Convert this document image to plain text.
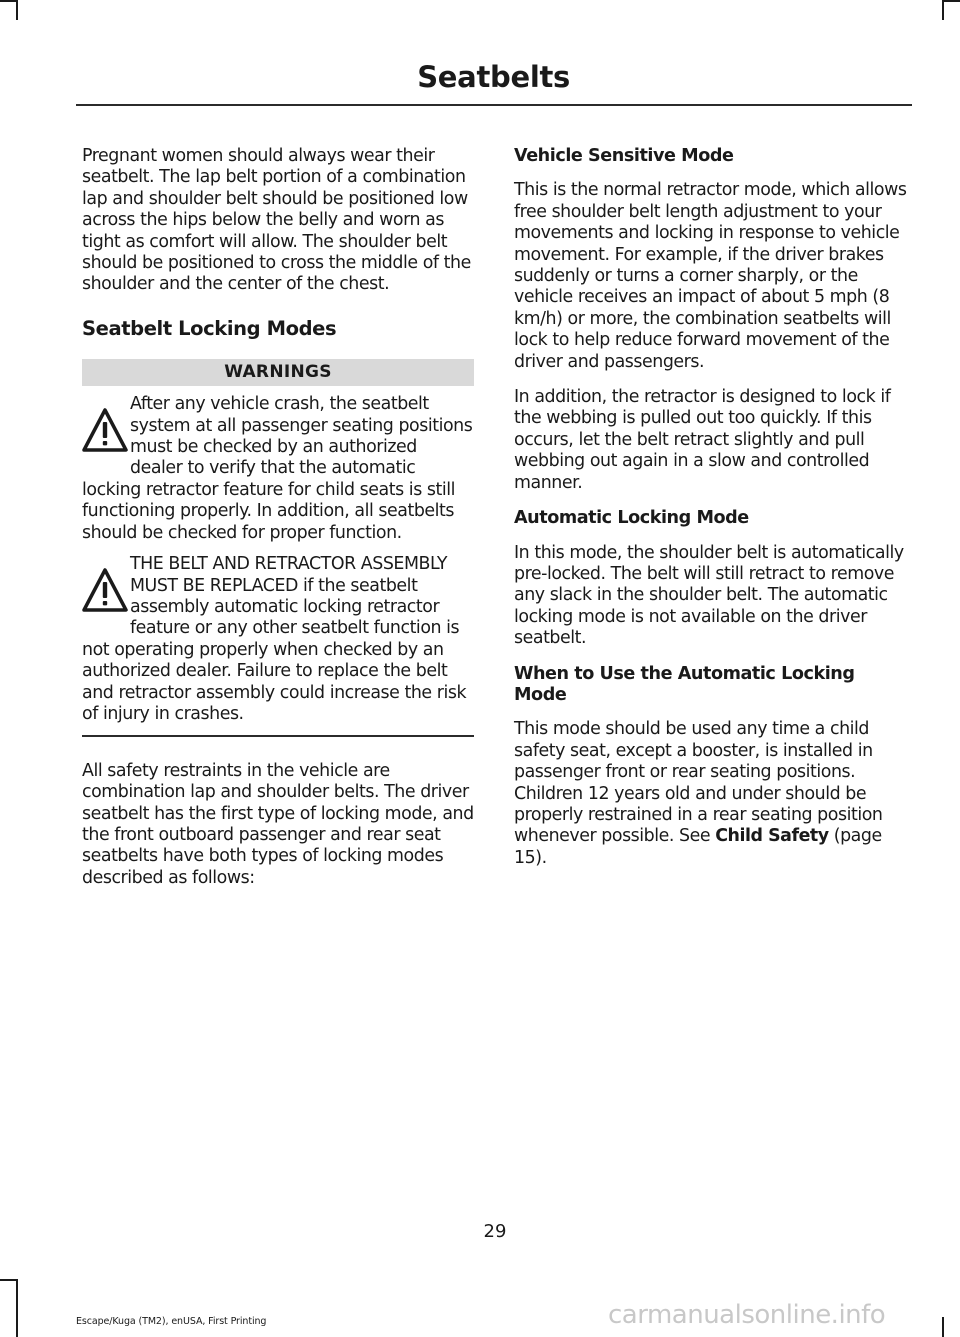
Seatbelts

Pregnant women should always wear their seatbelt. The lap belt portion of a combination lap and shoulder belt should be positioned low across the hips below the belly and worn as tight as comfort will allow. The shoulder belt should be positioned to cross the middle of the shoulder and the center of the chest.

Seatbelt Locking Modes
WARNINGS
After any vehicle crash, the seatbelt system at all passenger seating positions must be checked by an authorized dealer to verify that the automatic locking retractor feature for child seats is still functioning properly. In addition, all seatbelts should be checked for proper function.
THE BELT AND RETRACTOR ASSEMBLY MUST BE REPLACED if the seatbelt assembly automatic locking retractor feature or any other seatbelt function is not operating properly when checked by an authorized dealer. Failure to replace the belt and retractor assembly could increase the risk of injury in crashes.

All safety restraints in the vehicle are combination lap and shoulder belts. The driver seatbelt has the first type of locking mode, and the front outboard passenger and rear seat seatbelts have both types of locking modes described as follows:

Vehicle Sensitive Mode

This is the normal retractor mode, which allows free shoulder belt length adjustment to your movements and locking in response to vehicle movement. For example, if the driver brakes suddenly or turns a corner sharply, or the vehicle receives an impact of about 5 mph (8 km/h) or more, the combination seatbelts will lock to help reduce forward movement of the driver and passengers.

In addition, the retractor is designed to lock if the webbing is pulled out too quickly. If this occurs, let the belt retract slightly and pull webbing out again in a slow and controlled manner.

Automatic Locking Mode

In this mode, the shoulder belt is automatically pre-locked. The belt will still retract to remove any slack in the shoulder belt. The automatic locking mode is not available on the driver seatbelt.

When to Use the Automatic Locking Mode

This mode should be used any time a child safety seat, except a booster, is installed in passenger front or rear seating positions. Children 12 years old and under should be properly restrained in a rear seating position whenever possible. See Child Safety (page 15).

29
Escape/Kuga (TM2), enUSA, First Printing	carmanualsonline.info
